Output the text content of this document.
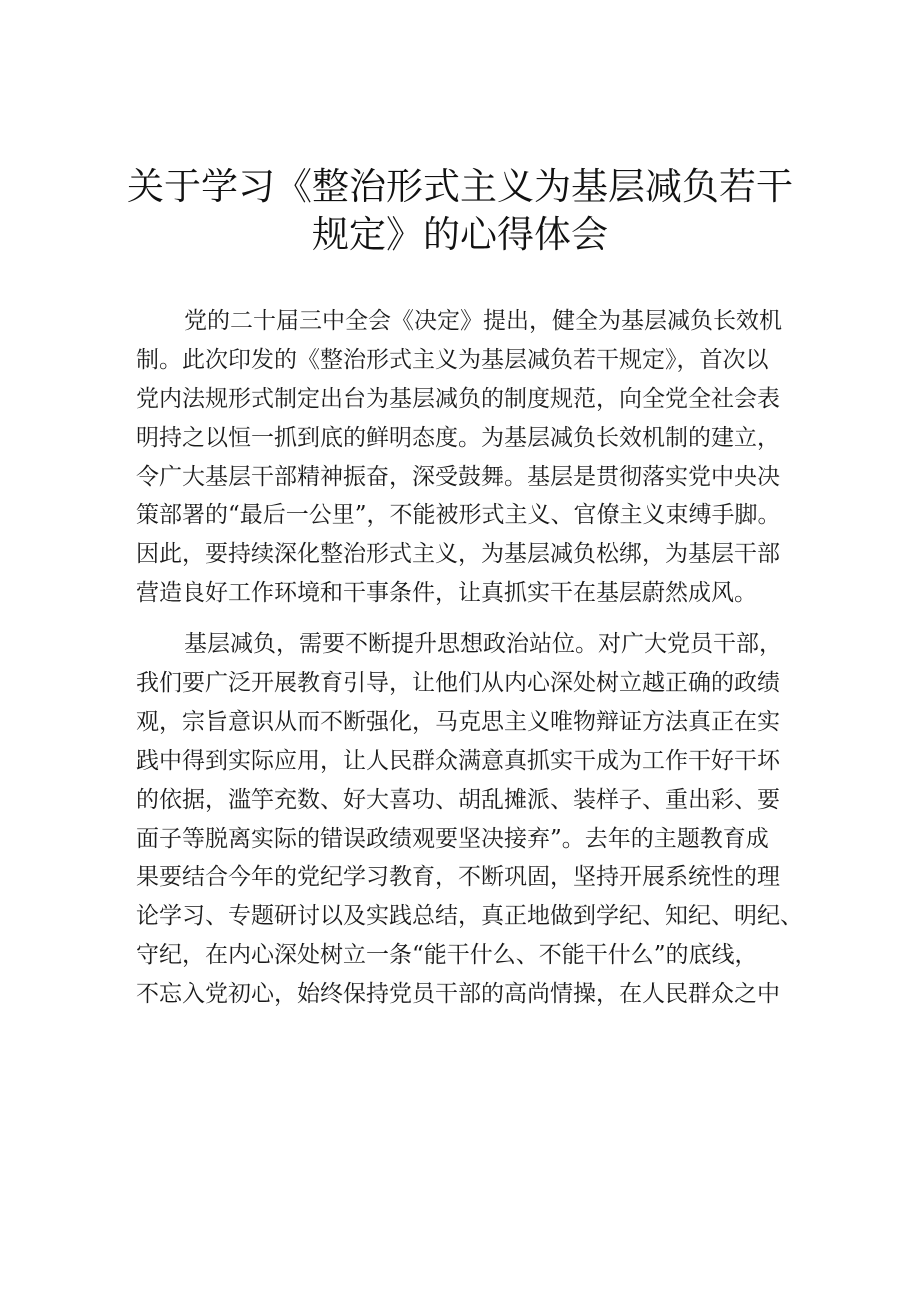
关于学习《整治形式主义为基层减负若干
规定》的心得体会
党的二十届三中全会《决定》提出，健全为基层减负长效机
制。此次印发的《整治形式主义为基层减负若干规定》，首次以
党内法规形式制定出台为基层减负的制度规范，向全党全社会表
明持之以恒一抓到底的鲜明态度。为基层减负长效机制的建立，
令广大基层干部精神振奋，深受鼓舞。基层是贯彻落实党中央决
策部署的“最后一公里”，不能被形式主义、官僚主义束缚手脚。
因此，要持续深化整治形式主义，为基层减负松绑，为基层干部
营造良好工作环境和干事条件，让真抓实干在基层蔚然成风。
基层减负，需要不断提升思想政治站位。对广大党员干部，
我们要广泛开展教育引导，让他们从内心深处树立越正确的政绩
观，宗旨意识从而不断强化，马克思主义唯物辩证方法真正在实
践中得到实际应用，让人民群众满意真抓实干成为工作干好干坏
的依据，滥竽充数、好大喜功、胡乱摊派、装样子、重出彩、要
面子等脱离实际的错误政绩观要坚决接弃”。去年的主题教育成
果要结合今年的党纪学习教育，不断巩固，坚持开展系统性的理
论学习、专题研讨以及实践总结，真正地做到学纪、知纪、明纪、
守纪，在内心深处树立一条“能干什么、不能干什么”的底线，
不忘入党初心，始终保持党员干部的高尚情操，在人民群众之中
